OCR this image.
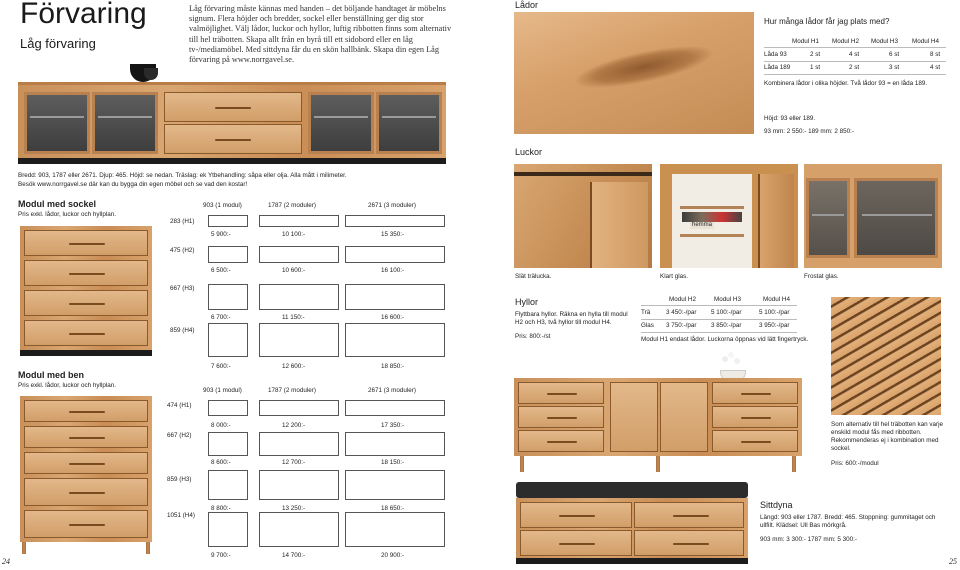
Förvaring
Låg förvaring
Låg förvaring måste kännas med handen – det böljande handtaget är möbelns signum. Flera höjder och bredder, sockel eller benställning ger dig stor valmöjlighet. Välj lådor, luckor och hyllor, luftig ribbotten finns som alternativ till hel träbotten. Skapa allt från en byrå till ett sidobord eller en låg tv-/mediamöbel. Med sittdyna får du en skön hallbänk. Skapa din egen Låg förvaring på www.norrgavel.se.
Bredd: 903, 1787 eller 2671. Djup: 465. Höjd: se nedan. Träslag: ek Ytbehandling: såpa eller olja. Alla mått i milimeter.
Besök www.norrgavel.se där kan du bygga din egen möbel och se vad den kostar!
Modul med sockel
Pris exkl. lådor, luckor och hyllplan.
903 (1 modul)	1787 (2 moduler)	2671 (3 moduler)
283 (H1)
5 900:-	10 100:-	15 350:-
475 (H2)
6 500:-	10 600:-	16 100:-
667 (H3)
6 700:-	11 150:-	16 600:-
859 (H4)
7 600:-	12 600:-	18 850:-
Modul med ben
Pris exkl. lådor, luckor och hyllplan.
903 (1 modul)	1787 (2 moduler)	2671 (3 moduler)
474 (H1)
8 000:-	12 200:-	17 350:-
667 (H2)
8 600:-	12 700:-	18 150:-
859 (H3)
8 800:-	13 250:-	18 650:-
1051 (H4)
9 700:-	14 700:-	20 900:-
24
Lådor
Hur många lådor får jag plats med?
Modul H1 Modul H2 Modul H3 Modul H4
Låda 93	2 st	4 st	6 st	8 st
Låda 189	1 st	2 st	3 st	4 st
Kombinera lådor i olika höjder. Två lådor 93 = en låda 189.
Höjd: 93 eller 189.
93 mm: 2 550:- 189 mm: 2 850:-
Luckor
hemma
Slät trälucka.	Klart glas.	Frostat glas.
Hyllor
Flyttbara hyllor. Räkna en hylla till modul H2 och H3, två hyllor till modul H4.
Pris: 800:-/st
Modul H2	Modul H3	Modul H4
Trä	3 450:-/par 5 100:-/par	5 100:-/par
Glas 3 750:-/par 3 850:-/par	3 950:-/par
Modul H1 endast lådor. Luckorna öppnas vid lätt fingertryck.
Som alternativ till hel träbotten kan varje enskild modul fås med ribbotten. Rekommenderas ej i kombination med sockel.
Pris: 600:-/modul
Sittdyna
Längd: 903 eller 1787. Bredd: 465. Stoppning: gummitaget och ullfilt. Klädsel: Ull Bas mörkgrå.
903 mm: 3 300:- 1787 mm: 5 300:-
25
